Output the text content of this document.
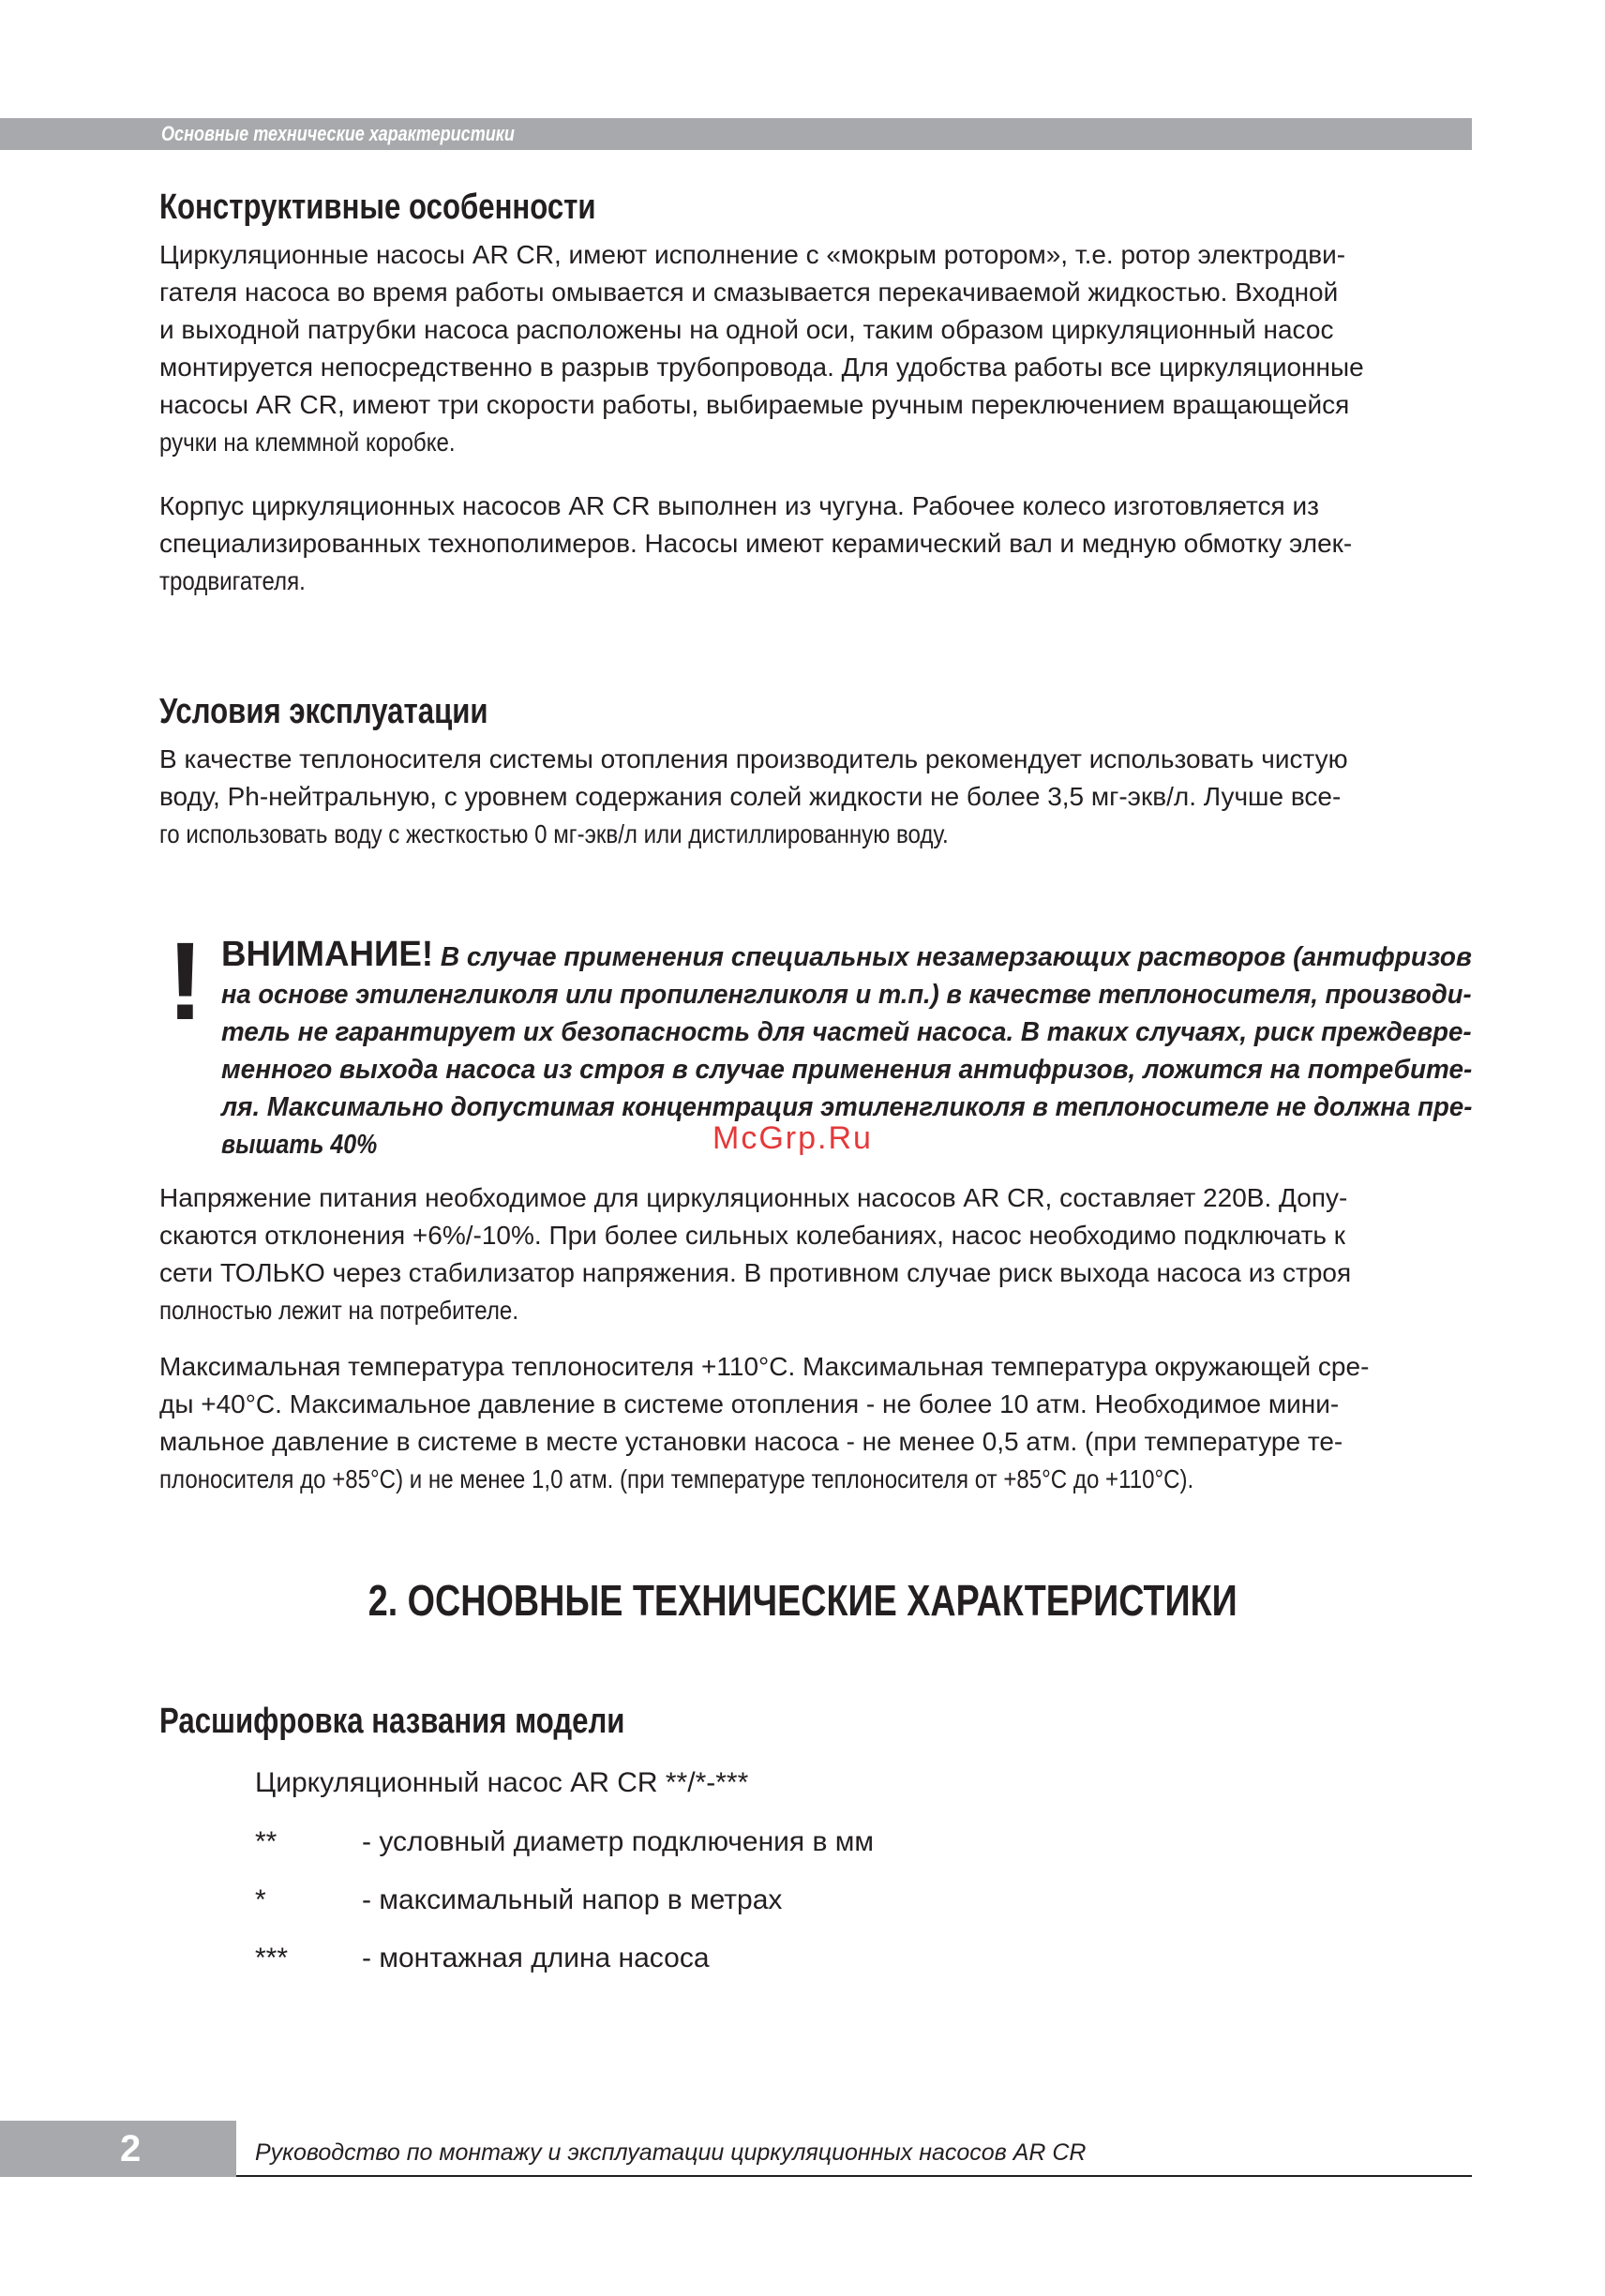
Основные технические характеристики
Конструктивные особенности
Циркуляционные насосы AR CR, имеют исполнение с «мокрым ротором», т.е. ротор электродви-
гателя насоса во время работы омывается и смазывается перекачиваемой жидкостью. Входной
и выходной патрубки насоса расположены на одной оси, таким образом циркуляционный насос
монтируется непосредственно в разрыв трубопровода. Для удобства работы все циркуляционные
насосы AR CR, имеют три скорости работы, выбираемые ручным переключением вращающейся
ручки на клеммной коробке.
Корпус циркуляционных насосов AR CR выполнен из чугуна. Рабочее колесо изготовляется из
специализированных технополимеров. Насосы имеют керамический вал и медную обмотку элек-
тродвигателя.
Условия эксплуатации
В качестве теплоносителя системы отопления производитель рекомендует использовать чистую
воду, Ph-нейтральную, с уровнем содержания солей жидкости не более 3,5 мг-экв/л. Лучше все-
го использовать воду с жесткостью 0 мг-экв/л или дистиллированную воду.
! ВНИМАНИЕ! В случае применения специальных незамерзающих растворов (антифризов
на основе этиленгликоля или пропиленгликоля и т.п.) в качестве теплоносителя, производи-
тель не гарантирует их безопасность для частей насоса. В таких случаях, риск преждевре-
менного выхода насоса из строя в случае применения антифризов, ложится на потребите-
ля. Максимально допустимая концентрация этиленгликоля в теплоносителе не должна пре-
вышать 40%	McGrp.Ru
Напряжение питания необходимое для циркуляционных насосов AR CR, составляет 220В. Допу-
скаются отклонения +6%/-10%. При более сильных колебаниях, насос необходимо подключать к
сети ТОЛЬКО через стабилизатор напряжения. В противном случае риск выхода насоса из строя
полностью лежит на потребителе.
Максимальная температура теплоносителя +110°С. Максимальная температура окружающей сре-
ды +40°С. Максимальное давление в системе отопления - не более 10 атм. Необходимое мини-
мальное давление в системе в месте установки насоса - не менее 0,5 атм. (при температуре те-
плоносителя до +85°С) и не менее 1,0 атм. (при температуре теплоносителя от +85°С до +110°С).
2. ОСНОВНЫЕ ТЕХНИЧЕСКИЕ ХАРАКТЕРИСТИКИ
Расшифровка названия модели
Циркуляционный насос AR CR **/*-***
**	- условный диаметр подключения в мм
*	- максимальный напор в метрах
***	- монтажная длина насоса
2	Руководство по монтажу и эксплуатации циркуляционных насосов AR CR
